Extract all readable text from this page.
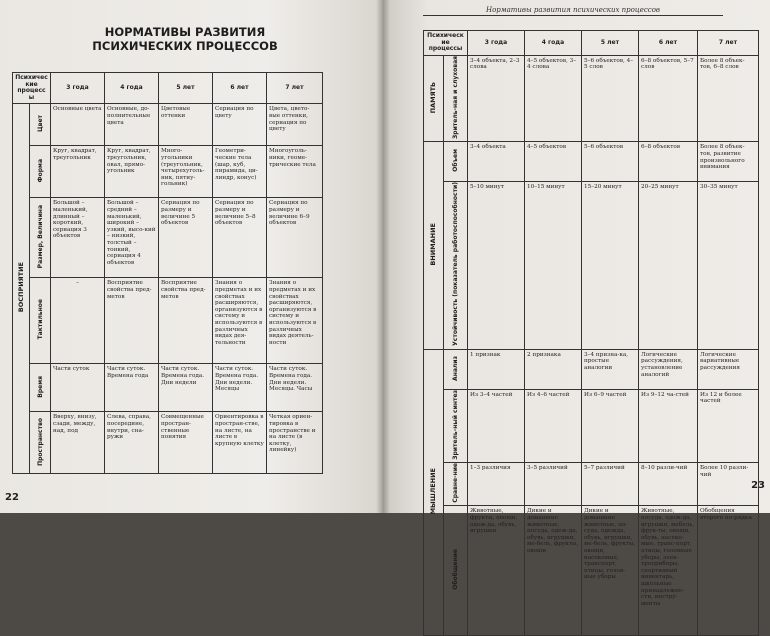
НОРМАТИВЫ РАЗВИТИЯ ПСИХИЧЕСКИХ ПРОЦЕССОВ
Психические процессы		3 года	4 года	5 лет	6 лет	7 лет
ВОСПРИЯТИЕ	Цвет	Основные цвета	Основные, до-полнительные цвета	Цветовые оттенки	Сериация по цвету	Цвета, цвето-вые оттенки, сериация по цвету
	Форма	Круг, квадрат, треугольник	Круг, квадрат, треугольник, овал, прямо-угольник	Много-угольники (треугольник, четырехуголь-ник, пятиу-гольник)	Геометри-ческие тела (шар, куб, пирамида, ци-линдр, конус)	Многоуголь-ники, геоме-трические тела
	Размер, Величина	Большой – маленький, длинный – короткий, сериация 3 объектов	Большой – средний – маленький, широкий – узкий, высо-кий – низкий, толстый – тонкий, сериация 4 объектов	Сериация по размеру и величине 5 объектов	Сериация по размеру и величине 5–8 объектов	Сериация по размеру и величине 6–9 объектов
	Тактильное	–	Восприятие свойства пред-метов	Восприятие свойства пред-метов	Знания о предметах и их свойствах расширяются, организуются в систему и используются в различных видах дея-тельности	Знания о предметах и их свойствах расширяются, организуются в систему и используются в различных видах деятель-ности
	Время	Части суток	Части суток. Времена года	Части суток. Времена года. Дни недели	Части суток. Времена года. Дни недели. Месяцы	Части суток. Времена года. Дни недели. Месяцы. Часы
	Пространство	Вверху, внизу, сзади, между, над, под	Слева, справа, посередине, внутри, сна-ружи	Совмещенные простран-ственные понятия	Ориентировка в простран-стве, на листе, на листе в крупную клетку	Четкая ориен-тировка в пространстве и на листе (в клетку, линейку)
22
Нормативы развития психических процессов
Психические процессы		3 года	4 года	5 лет	6 лет	7 лет
ПАМЯТЬ	Зритель-ная и слуховая	3–4 объекта, 2–3 слова	4–5 объектов, 3–4 слова	5–6 объектов, 4–5 слов	6–8 объектов, 5–7 слов	Более 8 объек-тов, 6–8 слов
ВНИМАНИЕ	Объем	3–4 объекта	4–5 объектов	5–6 объектов	6–8 объектов	Более 8 объек-тов, развитие произвольного внимания
	Устойчивость (показатель работоспособности)	5–10 минут	10–15 минут	15–20 минут	20–25 минут	30–35 минут
МЫШЛЕНИЕ	Анализ	1 признак	2 признака	3–4 призна-ка, простые аналогии	Логические рассуждения, установление аналогий	Логические вариативные рассуждения
	Зритель-ный синтез	Из 3–4 частей	Из 4–6 частей	Из 6–9 частей	Из 9–12 ча-стей	Из 12 и более частей
	Сравне-ние	1–3 различия	3–5 различий	5–7 различий	8–10 разли-чий	Более 10 разли-чий
	Обобщение	Животные, фрукты, овощи, одеж-да, обувь, игрушки	Дикие и домашние животные, посуда, одеж-да, обувь, игрушки, ме-бель, фрукты, овощи	Дикие и домашние животные, по-суда, одежда, обувь, игрушки, ме-бель, фрукты, овощи, насекомые, транспорт, птицы, голов-ные уборы	Животные, посуда, одеж-да, игрушки, мебель, фрук-ты, овощи, обувь, насеко-мые, транс-порт, птицы, головные уборы, элек-троприборы, спортивный инвентарь, школьные принадлежно-сти, инстру-менты	Обобщения второго по-рядка
23
